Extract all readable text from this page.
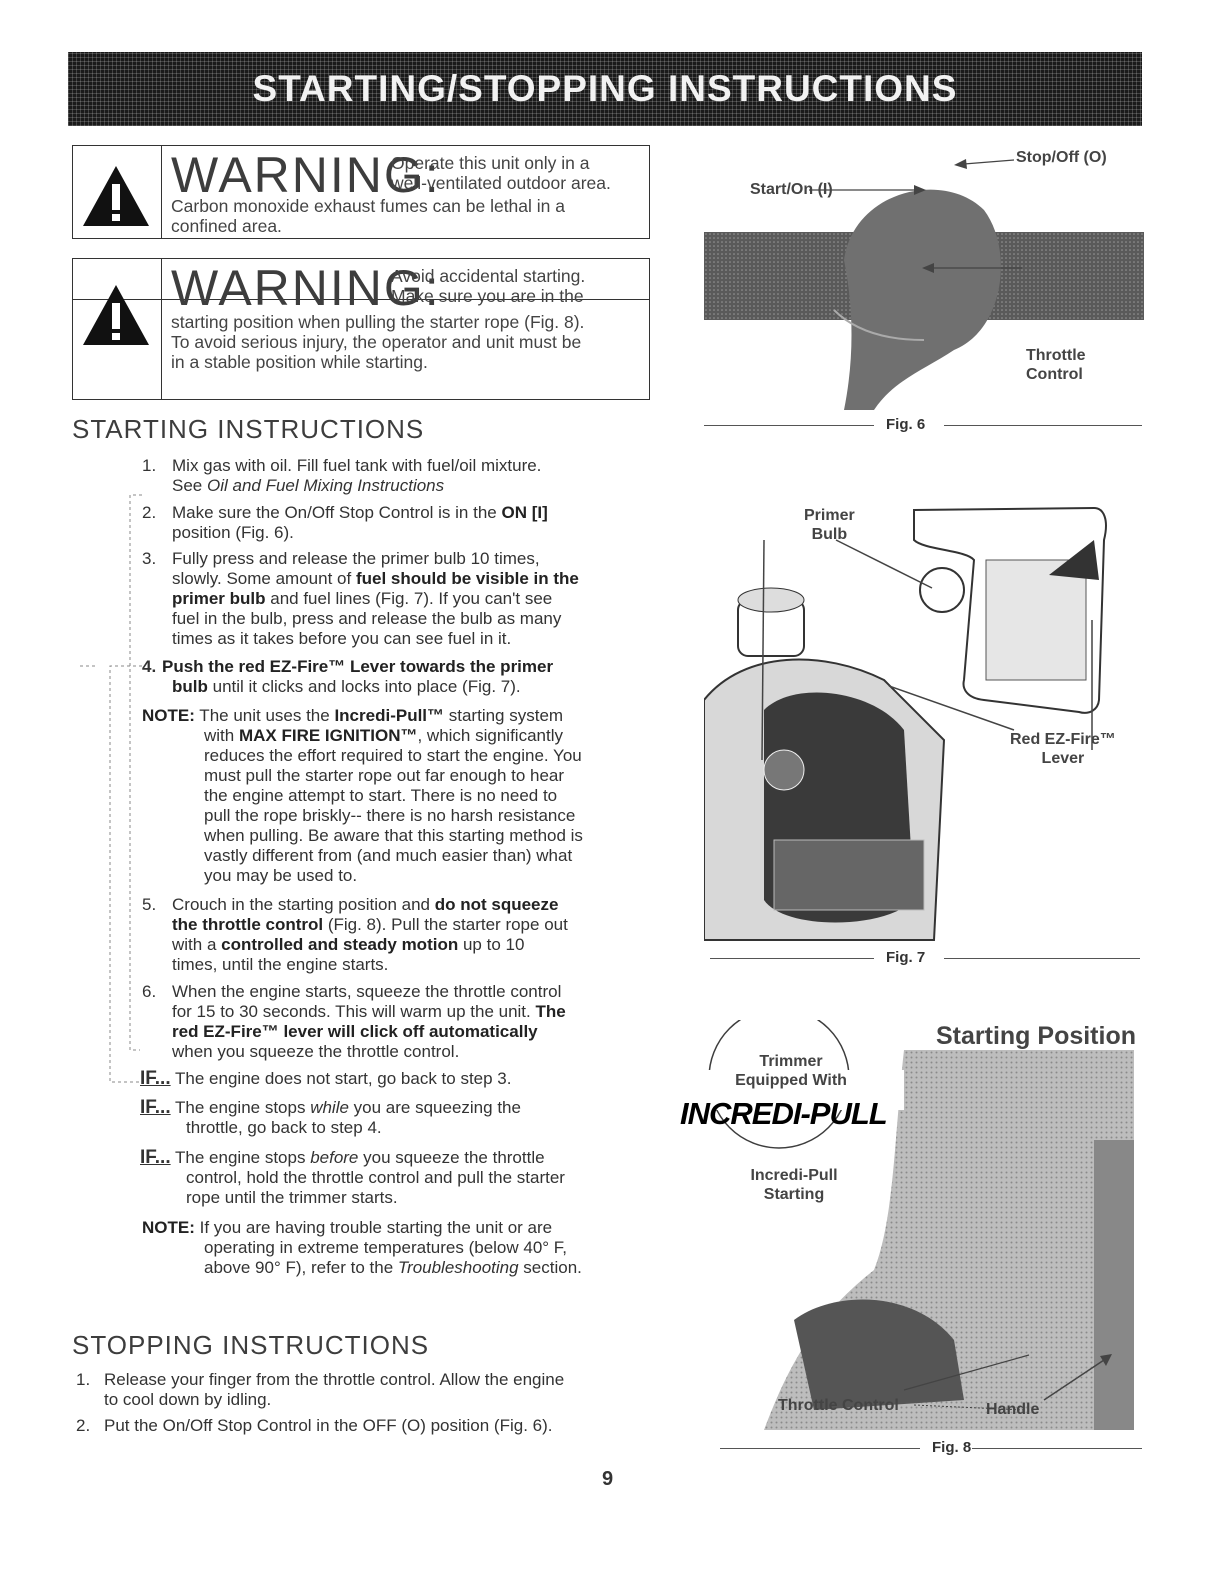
STARTING/STOPPING INSTRUCTIONS
WARNING:
Operate this unit only in a
well-ventilated outdoor area.
Carbon monoxide exhaust fumes can be lethal in a
confined area.
WARNING:
Avoid accidental starting.
Make sure you are in the
starting position when pulling the starter rope (Fig. 8).
To avoid serious injury, the operator and unit must be
in a stable position while starting.
STARTING INSTRUCTIONS
1. Mix gas with oil. Fill fuel tank with fuel/oil mixture.
See Oil and Fuel Mixing Instructions
2. Make sure the On/Off Stop Control is in the ON [I]
position (Fig. 6).
3. Fully press and release the primer bulb 10 times,
slowly. Some amount of fuel should be visible in the
primer bulb and fuel lines (Fig. 7). If you can't see
fuel in the bulb, press and release the bulb as many
times as it takes before you can see fuel in it.
4. Push the red EZ-Fire™ Lever towards the primer
bulb until it clicks and locks into place (Fig. 7).
NOTE: The unit uses the Incredi-Pull™ starting system
with MAX FIRE IGNITION™, which significantly
reduces the effort required to start the engine. You
must pull the starter rope out far enough to hear
the engine attempt to start. There is no need to
pull the rope briskly-- there is no harsh resistance
when pulling. Be aware that this starting method is
vastly different from (and much easier than) what
you may be used to.
5. Crouch in the starting position and do not squeeze
the throttle control (Fig. 8). Pull the starter rope out
with a controlled and steady motion up to 10
times, until the engine starts.
6. When the engine starts, squeeze the throttle control
for 15 to 30 seconds. This will warm up the unit. The
red EZ-Fire™ lever will click off automatically
when you squeeze the throttle control.
IF... The engine does not start, go back to step 3.
IF... The engine stops while you are squeezing the
throttle, go back to step 4.
IF... The engine stops before you squeeze the throttle
control, hold the throttle control and pull the starter
rope until the trimmer starts.
NOTE: If you are having trouble starting the unit or are
operating in extreme temperatures (below 40° F,
above 90° F), refer to the Troubleshooting section.
STOPPING INSTRUCTIONS
1. Release your finger from the throttle control. Allow the engine
to cool down by idling.
2. Put the On/Off Stop Control in the OFF (O) position (Fig. 6).
Start/On (I)
Stop/Off (O)
Throttle
Control
Fig. 6
Primer
Bulb
Red EZ-Fire™
Lever
Fig. 7
Starting Position
Trimmer
Equipped With
INCREDI-PULL
Incredi-Pull
Starting
Throttle Control	Handle
Fig. 8
9
